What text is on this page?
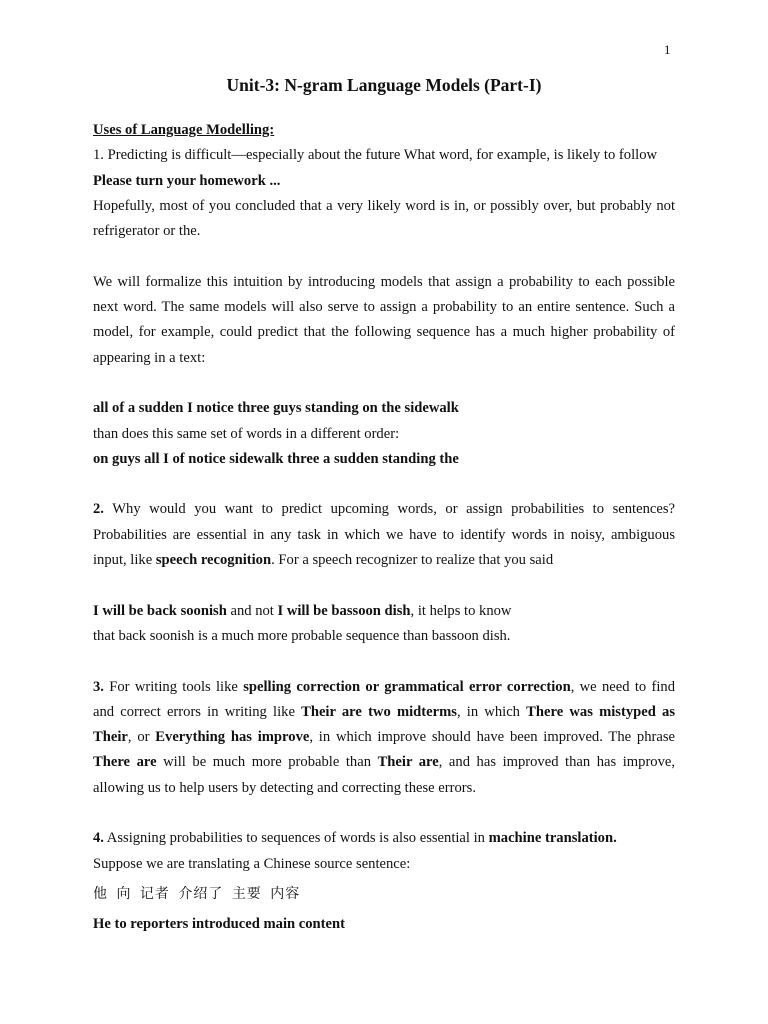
1
Unit-3: N-gram Language Models (Part-I)

Uses of Language Modelling:

1. Predicting is difficult—especially about the future What word, for example, is likely to follow

Please turn your homework ...

Hopefully, most of you concluded that a very likely word is in, or possibly over, but probably not refrigerator or the.

We will formalize this intuition by introducing models that assign a probability to each possible next word. The same models will also serve to assign a probability to an entire sentence. Such a model, for example, could predict that the following sequence has a much higher probability of appearing in a text:

all of a sudden I notice three guys standing on the sidewalk

than does this same set of words in a different order:

on guys all I of notice sidewalk three a sudden standing the

2. Why would you want to predict upcoming words, or assign probabilities to sentences? Probabilities are essential in any task in which we have to identify words in noisy, ambiguous input, like speech recognition. For a speech recognizer to realize that you said

I will be back soonish and not I will be bassoon dish, it helps to know

that back soonish is a much more probable sequence than bassoon dish.

3. For writing tools like spelling correction or grammatical error correction, we need to find and correct errors in writing like Their are two midterms, in which There was mistyped as Their, or Everything has improve, in which improve should have been improved. The phrase There are will be much more probable than Their are, and has improved than has improve, allowing us to help users by detecting and correcting these errors.

4. Assigning probabilities to sequences of words is also essential in machine translation.

Suppose we are translating a Chinese source sentence:

他 向 记者 介绍了 主要 内容

He to reporters introduced main content
